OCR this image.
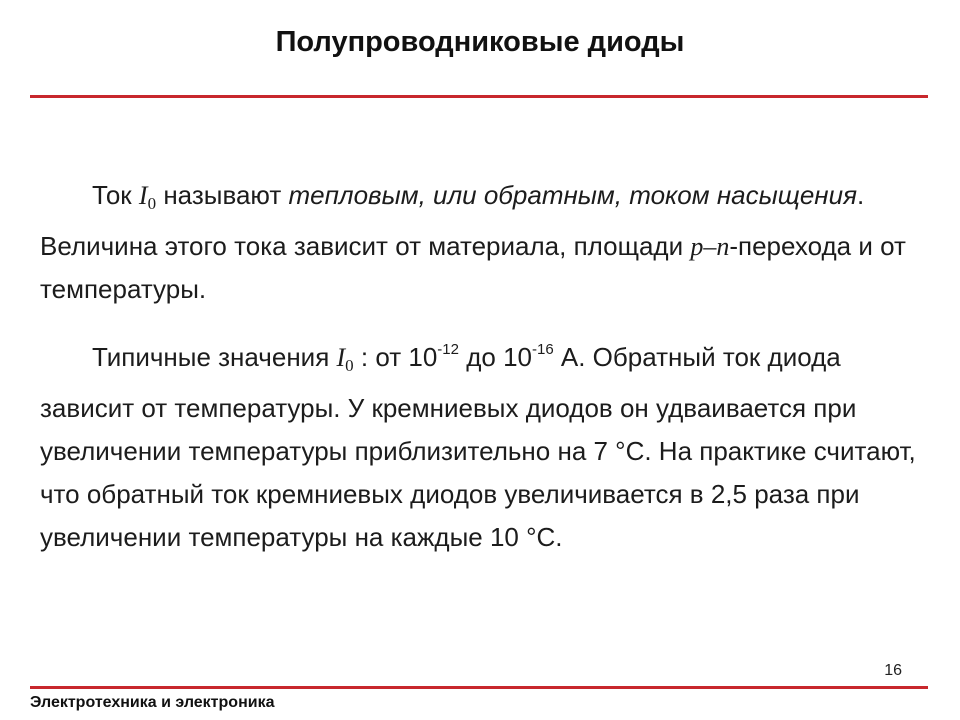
Полупроводниковые диоды

Ток I0 называют тепловым, или обратным, током насыщения. Величина этого тока зависит от материала, площади p–n-перехода и от температуры.

Типичные значения I0 : от $10^{-12}$ до $10^{-16}$ А. Обратный ток диода зависит от температуры. У кремниевых диодов он удваивается при увеличении температуры приблизительно на 7 °С. На практике считают, что обратный ток кремниевых диодов увеличивается в 2,5 раза при увеличении температуры на каждые 10 °С.

16
Электротехника и электроника
